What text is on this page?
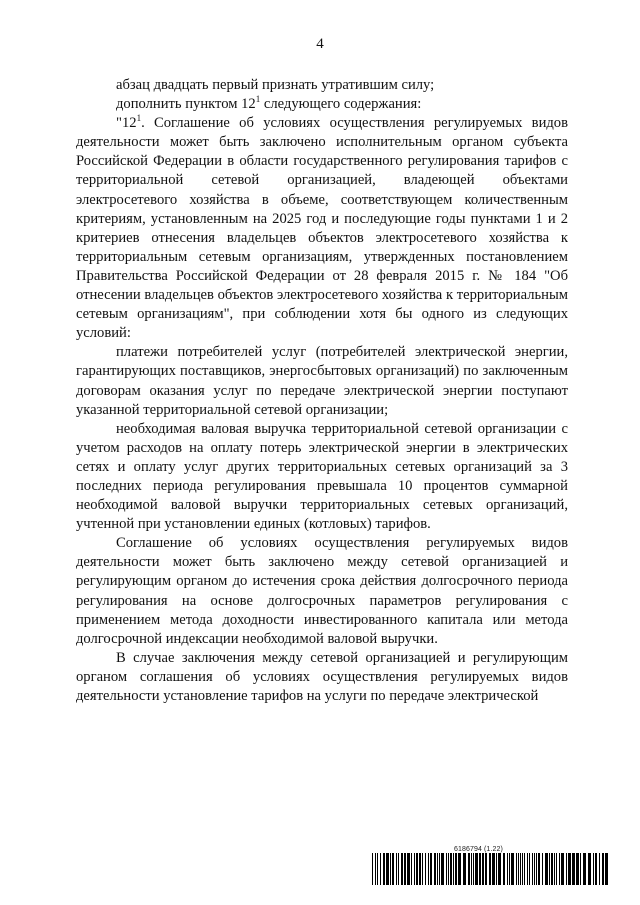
4

абзац двадцать первый признать утратившим силу;

дополнить пунктом $12^1$ следующего содержания:

"$12^1$. Соглашение об условиях осуществления регулируемых видов деятельности может быть заключено исполнительным органом субъекта Российской Федерации в области государственного регулирования тарифов с территориальной сетевой организацией, владеющей объектами электросетевого хозяйства в объеме, соответствующем количественным критериям, установленным на 2025 год и последующие годы пунктами 1 и 2 критериев отнесения владельцев объектов электросетевого хозяйства к территориальным сетевым организациям, утвержденных постановлением Правительства Российской Федерации от 28 февраля 2015 г. № 184 "Об отнесении владельцев объектов электросетевого хозяйства к территориальным сетевым организациям", при соблюдении хотя бы одного из следующих условий:

платежи потребителей услуг (потребителей электрической энергии, гарантирующих поставщиков, энергосбытовых организаций) по заключенным договорам оказания услуг по передаче электрической энергии поступают указанной территориальной сетевой организации;

необходимая валовая выручка территориальной сетевой организации с учетом расходов на оплату потерь электрической энергии в электрических сетях и оплату услуг других территориальных сетевых организаций за 3 последних периода регулирования превышала 10 процентов суммарной необходимой валовой выручки территориальных сетевых организаций, учтенной при установлении единых (котловых) тарифов.

Соглашение об условиях осуществления регулируемых видов деятельности может быть заключено между сетевой организацией и регулирующим органом до истечения срока действия долгосрочного периода регулирования на основе долгосрочных параметров регулирования с применением метода доходности инвестированного капитала или метода долгосрочной индексации необходимой валовой выручки.

В случае заключения между сетевой организацией и регулирующим органом соглашения об условиях осуществления регулируемых видов деятельности установление тарифов на услуги по передаче электрической

6186794 (1.22)
